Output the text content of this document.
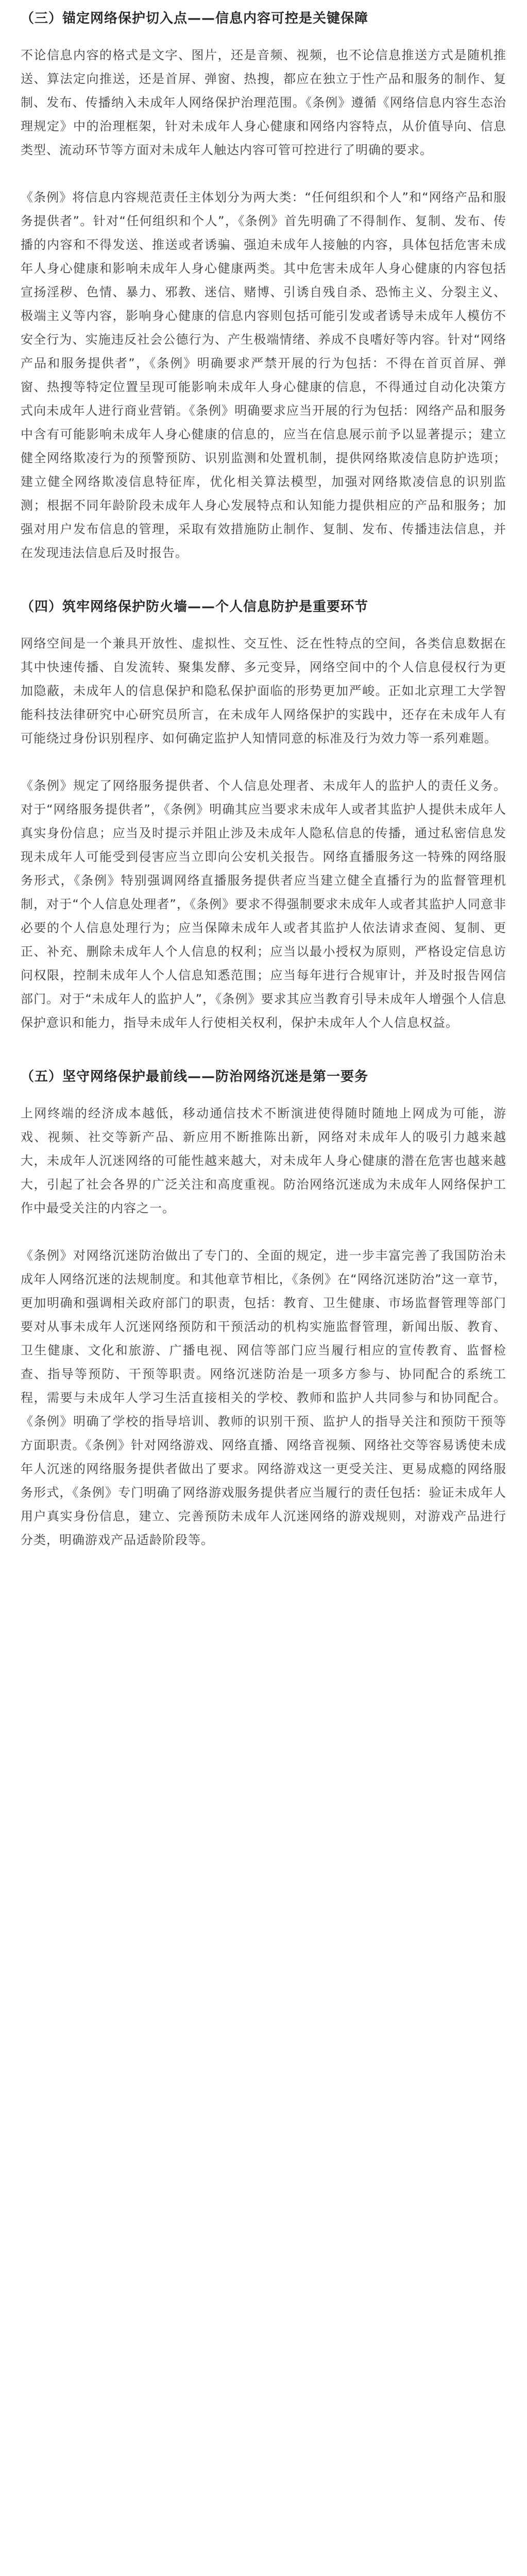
（三）锚定网络保护切入点——信息内容可控是关键保障

不论信息内容的格式是文字、图片，还是音频、视频，也不论信息推送方式是随机推送、算法定向推送，还是首屏、弹窗、热搜，都应在独立于性产品和服务的制作、复制、发布、传播纳入未成年人网络保护治理范围。《条例》遵循《网络信息内容生态治理规定》中的治理框架，针对未成年人身心健康和网络内容特点，从价值导向、信息类型、流动环节等方面对未成年人触达内容可管可控进行了明确的要求。

《条例》将信息内容规范责任主体划分为两大类：“任何组织和个人”和“网络产品和服务提供者”。针对“任何组织和个人”，《条例》首先明确了不得制作、复制、发布、传播的内容和不得发送、推送或者诱骗、强迫未成年人接触的内容，具体包括危害未成年人身心健康和影响未成年人身心健康两类。其中危害未成年人身心健康的内容包括宣扬淫秽、色情、暴力、邪教、迷信、赌博、引诱自残自杀、恐怖主义、分裂主义、极端主义等内容，影响身心健康的信息内容则包括可能引发或者诱导未成年人模仿不安全行为、实施违反社会公德行为、产生极端情绪、养成不良嗜好等内容。针对“网络产品和服务提供者”，《条例》明确要求严禁开展的行为包括：不得在首页首屏、弹窗、热搜等特定位置呈现可能影响未成年人身心健康的信息，不得通过自动化决策方式向未成年人进行商业营销。《条例》明确要求应当开展的行为包括：网络产品和服务中含有可能影响未成年人身心健康的信息的，应当在信息展示前予以显著提示；建立健全网络欺凌行为的预警预防、识别监测和处置机制，提供网络欺凌信息防护选项；建立健全网络欺凌信息特征库，优化相关算法模型，加强对网络欺凌信息的识别监测；根据不同年龄阶段未成年人身心发展特点和认知能力提供相应的产品和服务；加强对用户发布信息的管理，采取有效措施防止制作、复制、发布、传播违法信息，并在发现违法信息后及时报告。

（四）筑牢网络保护防火墙——个人信息防护是重要环节

网络空间是一个兼具开放性、虚拟性、交互性、泛在性特点的空间，各类信息数据在其中快速传播、自发流转、聚集发酵、多元变异，网络空间中的个人信息侵权行为更加隐蔽，未成年人的信息保护和隐私保护面临的形势更加严峻。正如北京理工大学智能科技法律研究中心研究员所言，在未成年人网络保护的实践中，还存在未成年人有可能绕过身份识别程序、如何确定监护人知情同意的标准及行为效力等一系列难题。

《条例》规定了网络服务提供者、个人信息处理者、未成年人的监护人的责任义务。对于“网络服务提供者”，《条例》明确其应当要求未成年人或者其监护人提供未成年人真实身份信息；应当及时提示并阻止涉及未成年人隐私信息的传播，通过私密信息发现未成年人可能受到侵害应当立即向公安机关报告。网络直播服务这一特殊的网络服务形式，《条例》特别强调网络直播服务提供者应当建立健全直播行为的监督管理机制，对于“个人信息处理者”，《条例》要求不得强制要求未成年人或者其监护人同意非必要的个人信息处理行为；应当保障未成年人或者其监护人依法请求查阅、复制、更正、补充、删除未成年人个人信息的权利；应当以最小授权为原则，严格设定信息访问权限，控制未成年人个人信息知悉范围；应当每年进行合规审计，并及时报告网信部门。对于“未成年人的监护人”，《条例》要求其应当教育引导未成年人增强个人信息保护意识和能力，指导未成年人行使相关权利，保护未成年人个人信息权益。

（五）坚守网络保护最前线——防治网络沉迷是第一要务

上网终端的经济成本越低，移动通信技术不断演进使得随时随地上网成为可能，游戏、视频、社交等新产品、新应用不断推陈出新，网络对未成年人的吸引力越来越大，未成年人沉迷网络的可能性越来越大，对未成年人身心健康的潜在危害也越来越大，引起了社会各界的广泛关注和高度重视。防治网络沉迷成为未成年人网络保护工作中最受关注的内容之一。

《条例》对网络沉迷防治做出了专门的、全面的规定，进一步丰富完善了我国防治未成年人网络沉迷的法规制度。和其他章节相比，《条例》在“网络沉迷防治”这一章节，更加明确和强调相关政府部门的职责，包括：教育、卫生健康、市场监督管理等部门要对从事未成年人沉迷网络预防和干预活动的机构实施监督管理，新闻出版、教育、卫生健康、文化和旅游、广播电视、网信等部门应当履行相应的宣传教育、监督检查、指导等预防、干预等职责。网络沉迷防治是一项多方参与、协同配合的系统工程，需要与未成年人学习生活直接相关的学校、教师和监护人共同参与和协同配合。《条例》明确了学校的指导培训、教师的识别干预、监护人的指导关注和预防干预等方面职责。《条例》针对网络游戏、网络直播、网络音视频、网络社交等容易诱使未成年人沉迷的网络服务提供者做出了要求。网络游戏这一更受关注、更易成瘾的网络服务形式，《条例》专门明确了网络游戏服务提供者应当履行的责任包括：验证未成年人用户真实身份信息，建立、完善预防未成年人沉迷网络的游戏规则，对游戏产品进行分类，明确游戏产品适龄阶段等。
